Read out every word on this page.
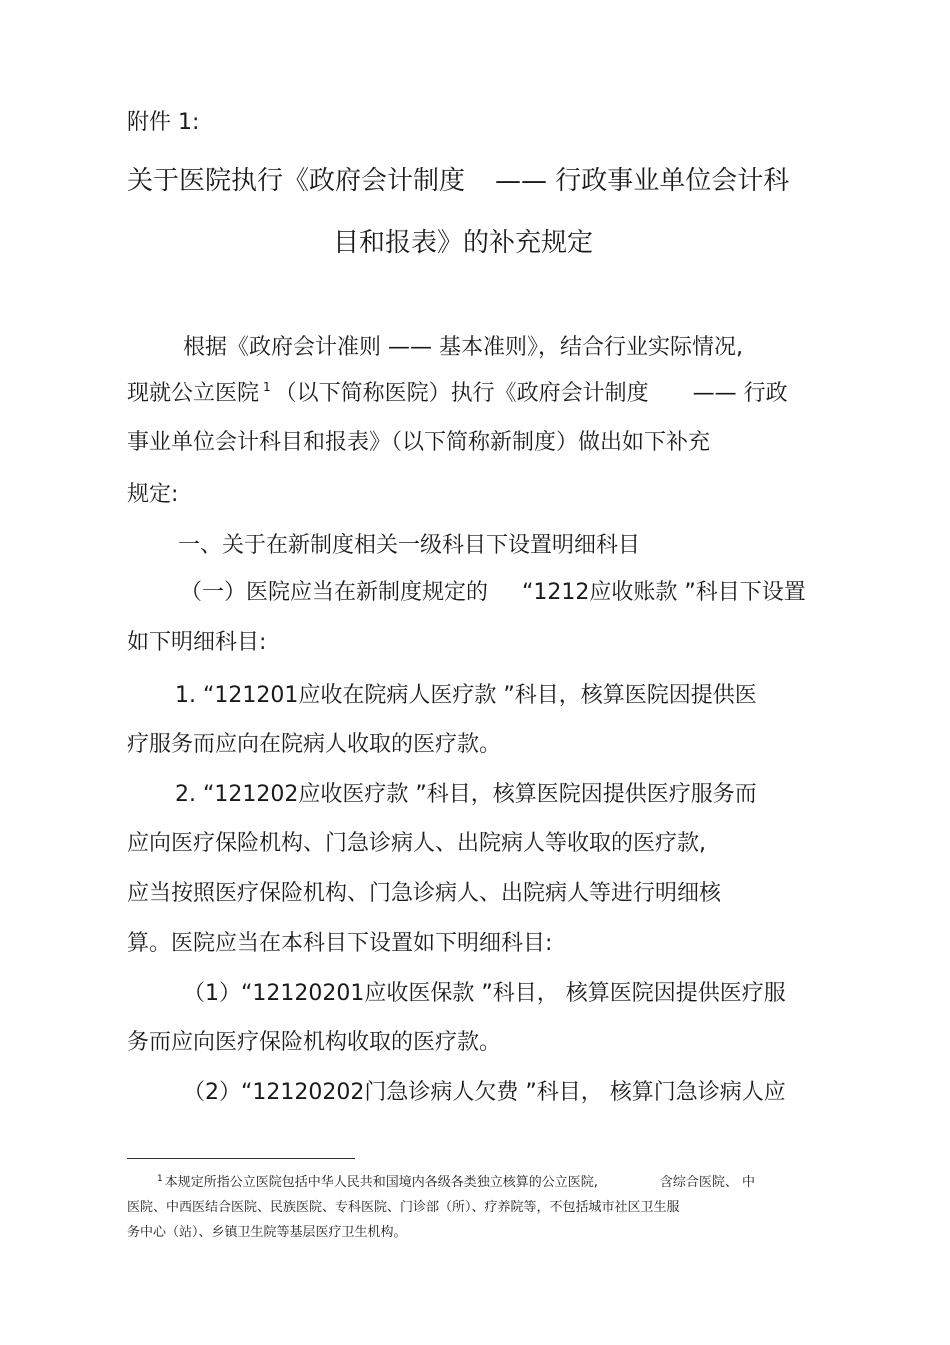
附件 1:
关于医院执行《政府会计制度 —— 行政事业单位会计科
目和报表》的补充规定
根据《政府会计准则 —— 基本准则》，结合行业实际情况,
现就公立医院 $^1$ （以下简称医院）执行《政府会计制度 —— 行政
事业单位会计科目和报表》（以下简称新制度）做出如下补充
规定:
一、关于在新制度相关一级科目下设置明细科目
（一）医院应当在新制度规定的 “1212应收账款 ”科目下设置
如下明细科目:
1. “121201应收在院病人医疗款 ”科目，核算医院因提供医
疗服务而应向在院病人收取的医疗款。
2. “121202应收医疗款 ”科目，核算医院因提供医疗服务而
应向医疗保险机构、门急诊病人、出院病人等收取的医疗款,
应当按照医疗保险机构、门急诊病人、出院病人等进行明细核
算。医院应当在本科目下设置如下明细科目:
（1）“12120201应收医保款 ”科目， 核算医院因提供医疗服
务而应向医疗保险机构收取的医疗款。
（2）“12120202门急诊病人欠费 ”科目， 核算门急诊病人应
$^1$ 本规定所指公立医院包括中华人民共和国境内各级各类独立核算的公立医院,	含综合医院、 中
医院、中西医结合医院、民族医院、专科医院、门诊部（所）、疗养院等，不包括城市社区卫生服
务中心（站）、乡镇卫生院等基层医疗卫生机构。
